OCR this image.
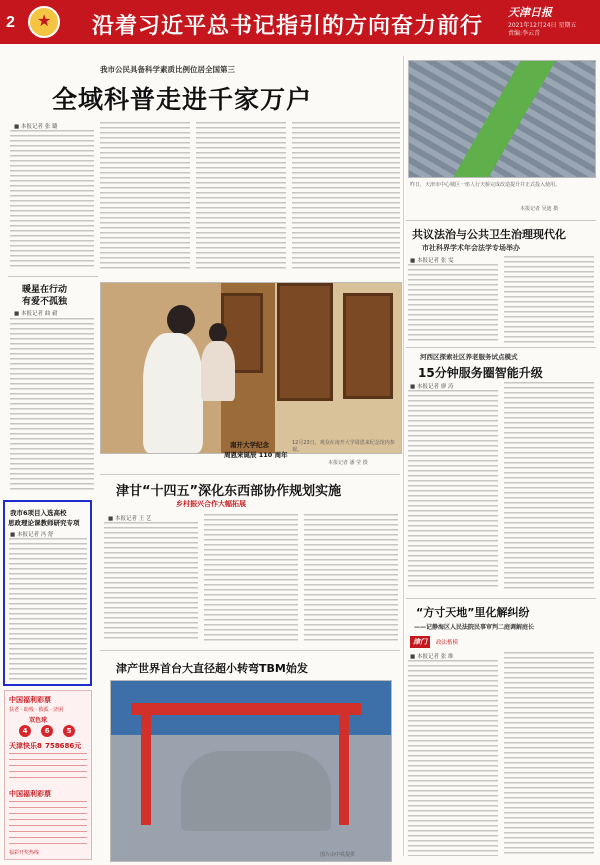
2
★	沿着习近平总书记指引的方向奋力前行
天津日报
2021年12月24日 星期五
责编:李云青
我市公民具备科学素质比例位居全国第三
全域科普走进千家万户
■ 本报记者 张 璐
暖星在行动
有爱不孤独
■ 本报记者 曲 毅
南开大学纪念
周恩来诞辰 110 周年
12月23日，观众在南开大学周恩来纪念馆内参观。
本报记者 潘 莹 摄
昨日，天津市中心城区一座人行天桥完成改造提升并正式投入使用。
本报记者 吴迪 摄
共议法治与公共卫生治理现代化
市社科界学术年会法学专场举办
■ 本报记者 张 雯
河西区探索社区养老服务试点模式
15分钟服务圈智能升级
■ 本报记者 廖 涛
津甘“十四五”深化东西部协作规划实施
乡村振兴合作大幅拓展
■ 本报记者 王 艺
我市6项目入选高校
思政理论课教师研究专项
■ 本报记者 冯 舒
津产世界首台大直径超小转弯TBM始发
图片由中铁提供
“方寸天地”里化解纠纷
——记静海区人民法院民事审判二庭调解庭长
津门	政法楷模
■ 本报记者 张 维
中国福利彩票
扶老 · 助残 · 救孤 · 济困
双色球
4	6	5
天津快乐8 758686元
中国福利彩票
福彩开奖热线
